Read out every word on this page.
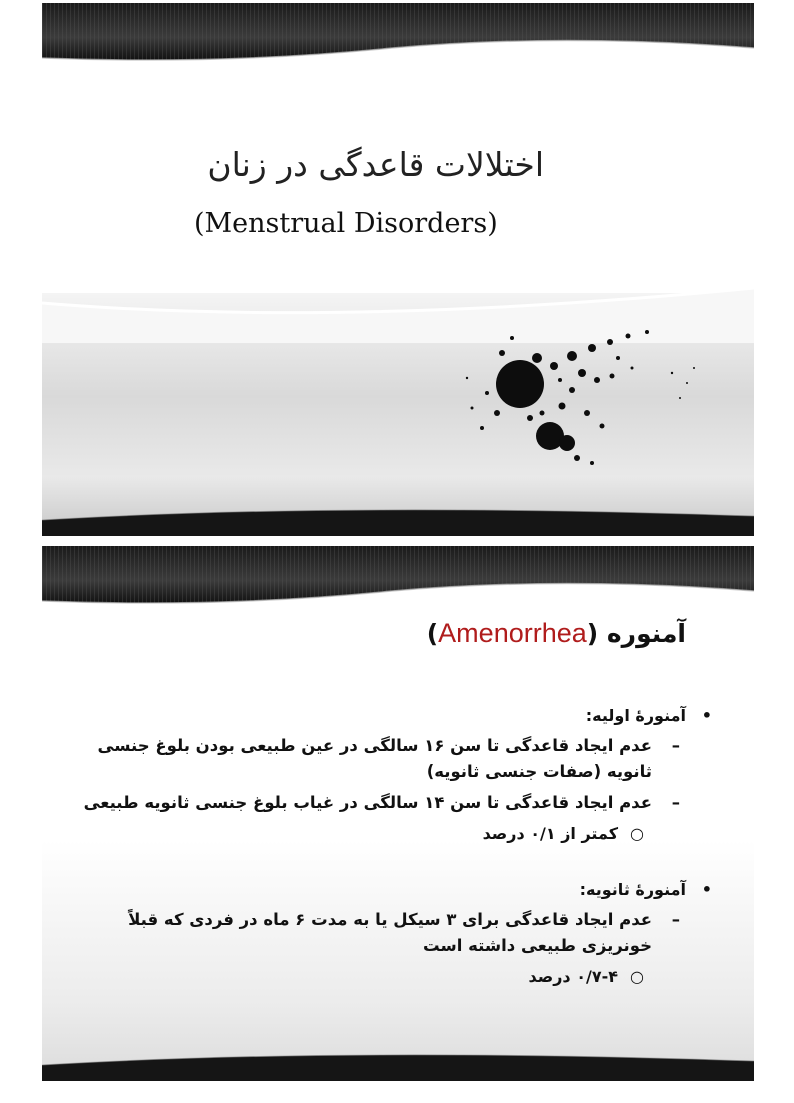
اختلالات قاعدگی در زنان
(Menstrual Disorders)
آمنوره (Amenorrhea)
•
آمنورهٔ اولیه:
–
عدم ایجاد قاعدگی تا سن ۱۶ سالگی در عین طبیعی بودن بلوغ جنسی ثانویه (صفات جنسی ثانویه)
–
عدم ایجاد قاعدگی تا سن ۱۴ سالگی در غیاب بلوغ جنسی ثانویه طبیعی
○
کمتر از ۰/۱ درصد
•
آمنورهٔ ثانویه:
–
عدم ایجاد قاعدگی برای ۳ سیکل یا به مدت ۶ ماه در فردی که قبلاً خونریزی طبیعی داشته است
○
۰/۷-۴ درصد
